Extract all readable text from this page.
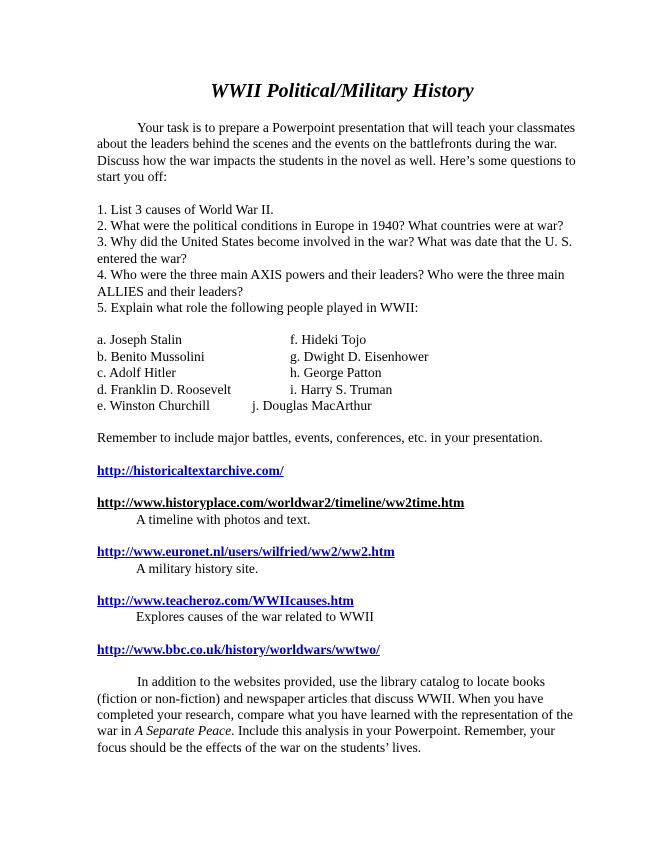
WWII Political/Military History

Your task is to prepare a Powerpoint presentation that will teach your classmates about the leaders behind the scenes and the events on the battlefronts during the war. Discuss how the war impacts the students in the novel as well. Here’s some questions to start you off:

1. List 3 causes of World War II.
2. What were the political conditions in Europe in 1940? What countries were at war?
3. Why did the United States become involved in the war? What was date that the U. S. entered the war?
4. Who were the three main AXIS powers and their leaders? Who were the three main ALLIES and their leaders?
5. Explain what role the following people played in WWII:
a. Joseph Stalin	f. Hideki Tojo
b. Benito Mussolini	g. Dwight D. Eisenhower
c. Adolf Hitler	h. George Patton
d. Franklin D. Roosevelt	i. Harry S. Truman
e. Winston Churchill	j. Douglas MacArthur

Remember to include major battles, events, conferences, etc. in your presentation.

http://historicaltextarchive.com/
http://www.historyplace.com/worldwar2/timeline/ww2time.htm
A timeline with photos and text.
http://www.euronet.nl/users/wilfried/ww2/ww2.htm
A military history site.
http://www.teacheroz.com/WWIIcauses.htm
Explores causes of the war related to WWII
http://www.bbc.co.uk/history/worldwars/wwtwo/

In addition to the websites provided, use the library catalog to locate books (fiction or non-fiction) and newspaper articles that discuss WWII. When you have completed your research, compare what you have learned with the representation of the war in A Separate Peace. Include this analysis in your Powerpoint. Remember, your focus should be the effects of the war on the students’ lives.
